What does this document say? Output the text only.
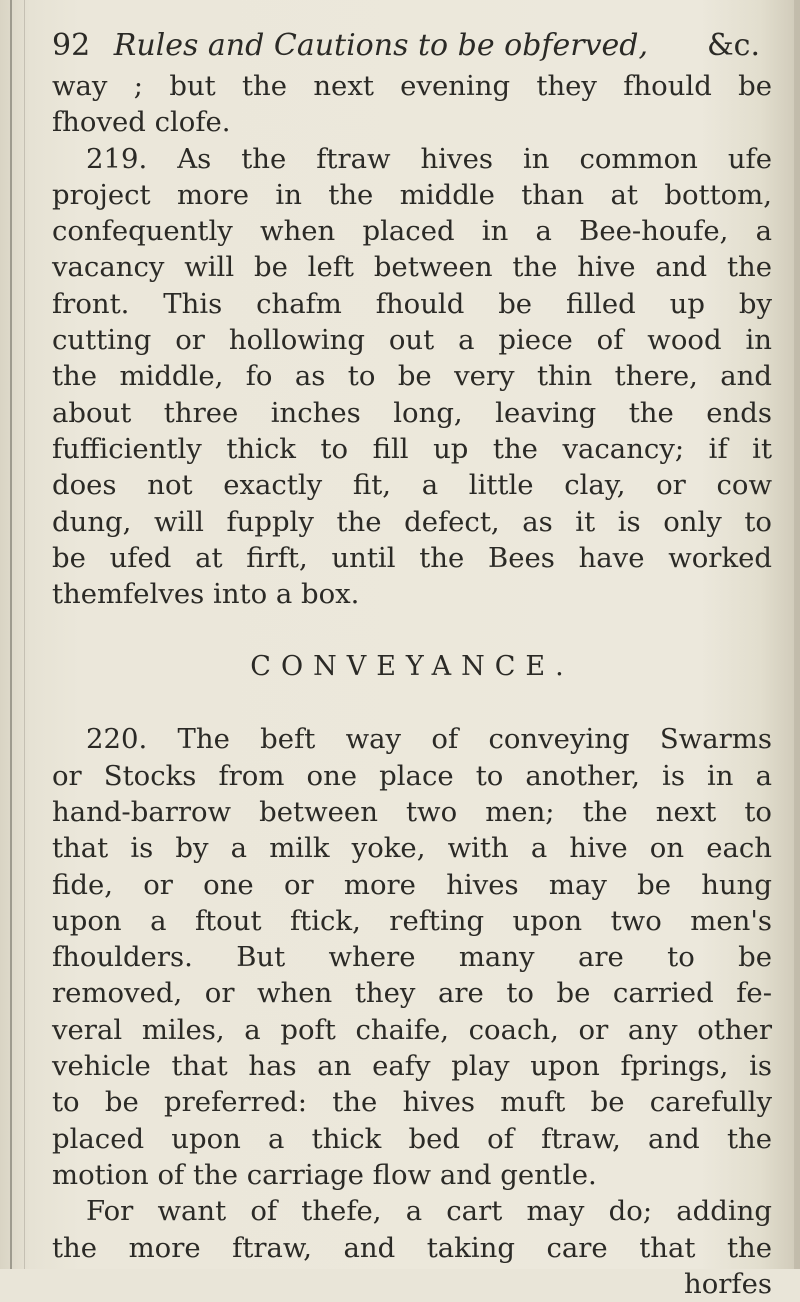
92 Rules and Cautions to be obferved, &c.
way ; but the next evening they fhould be
fhoved clofe.
219. As the ftraw hives in common ufe
project more in the middle than at bottom,
confequently when placed in a Bee-houfe, a
vacancy will be left between the hive and the
front. This chafm fhould be filled up by
cutting or hollowing out a piece of wood in
the middle, fo as to be very thin there, and
about three inches long, leaving the ends
fufficiently thick to fill up the vacancy; if it
does not exactly fit, a little clay, or cow
dung, will fupply the defect, as it is only to
be ufed at firft, until the Bees have worked
themfelves into a box.
CONVEYANCE.
220. The beft way of conveying Swarms
or Stocks from one place to another, is in a
hand-barrow between two men; the next to
that is by a milk yoke, with a hive on each
fide, or one or more hives may be hung
upon a ftout ftick, refting upon two men's
fhoulders. But where many are to be
removed, or when they are to be carried fe-
veral miles, a poft chaife, coach, or any other
vehicle that has an eafy play upon fprings, is
to be preferred: the hives muft be carefully
placed upon a thick bed of ftraw, and the
motion of the carriage flow and gentle.
For want of thefe, a cart may do; adding
the more ftraw, and taking care that the
horfes
